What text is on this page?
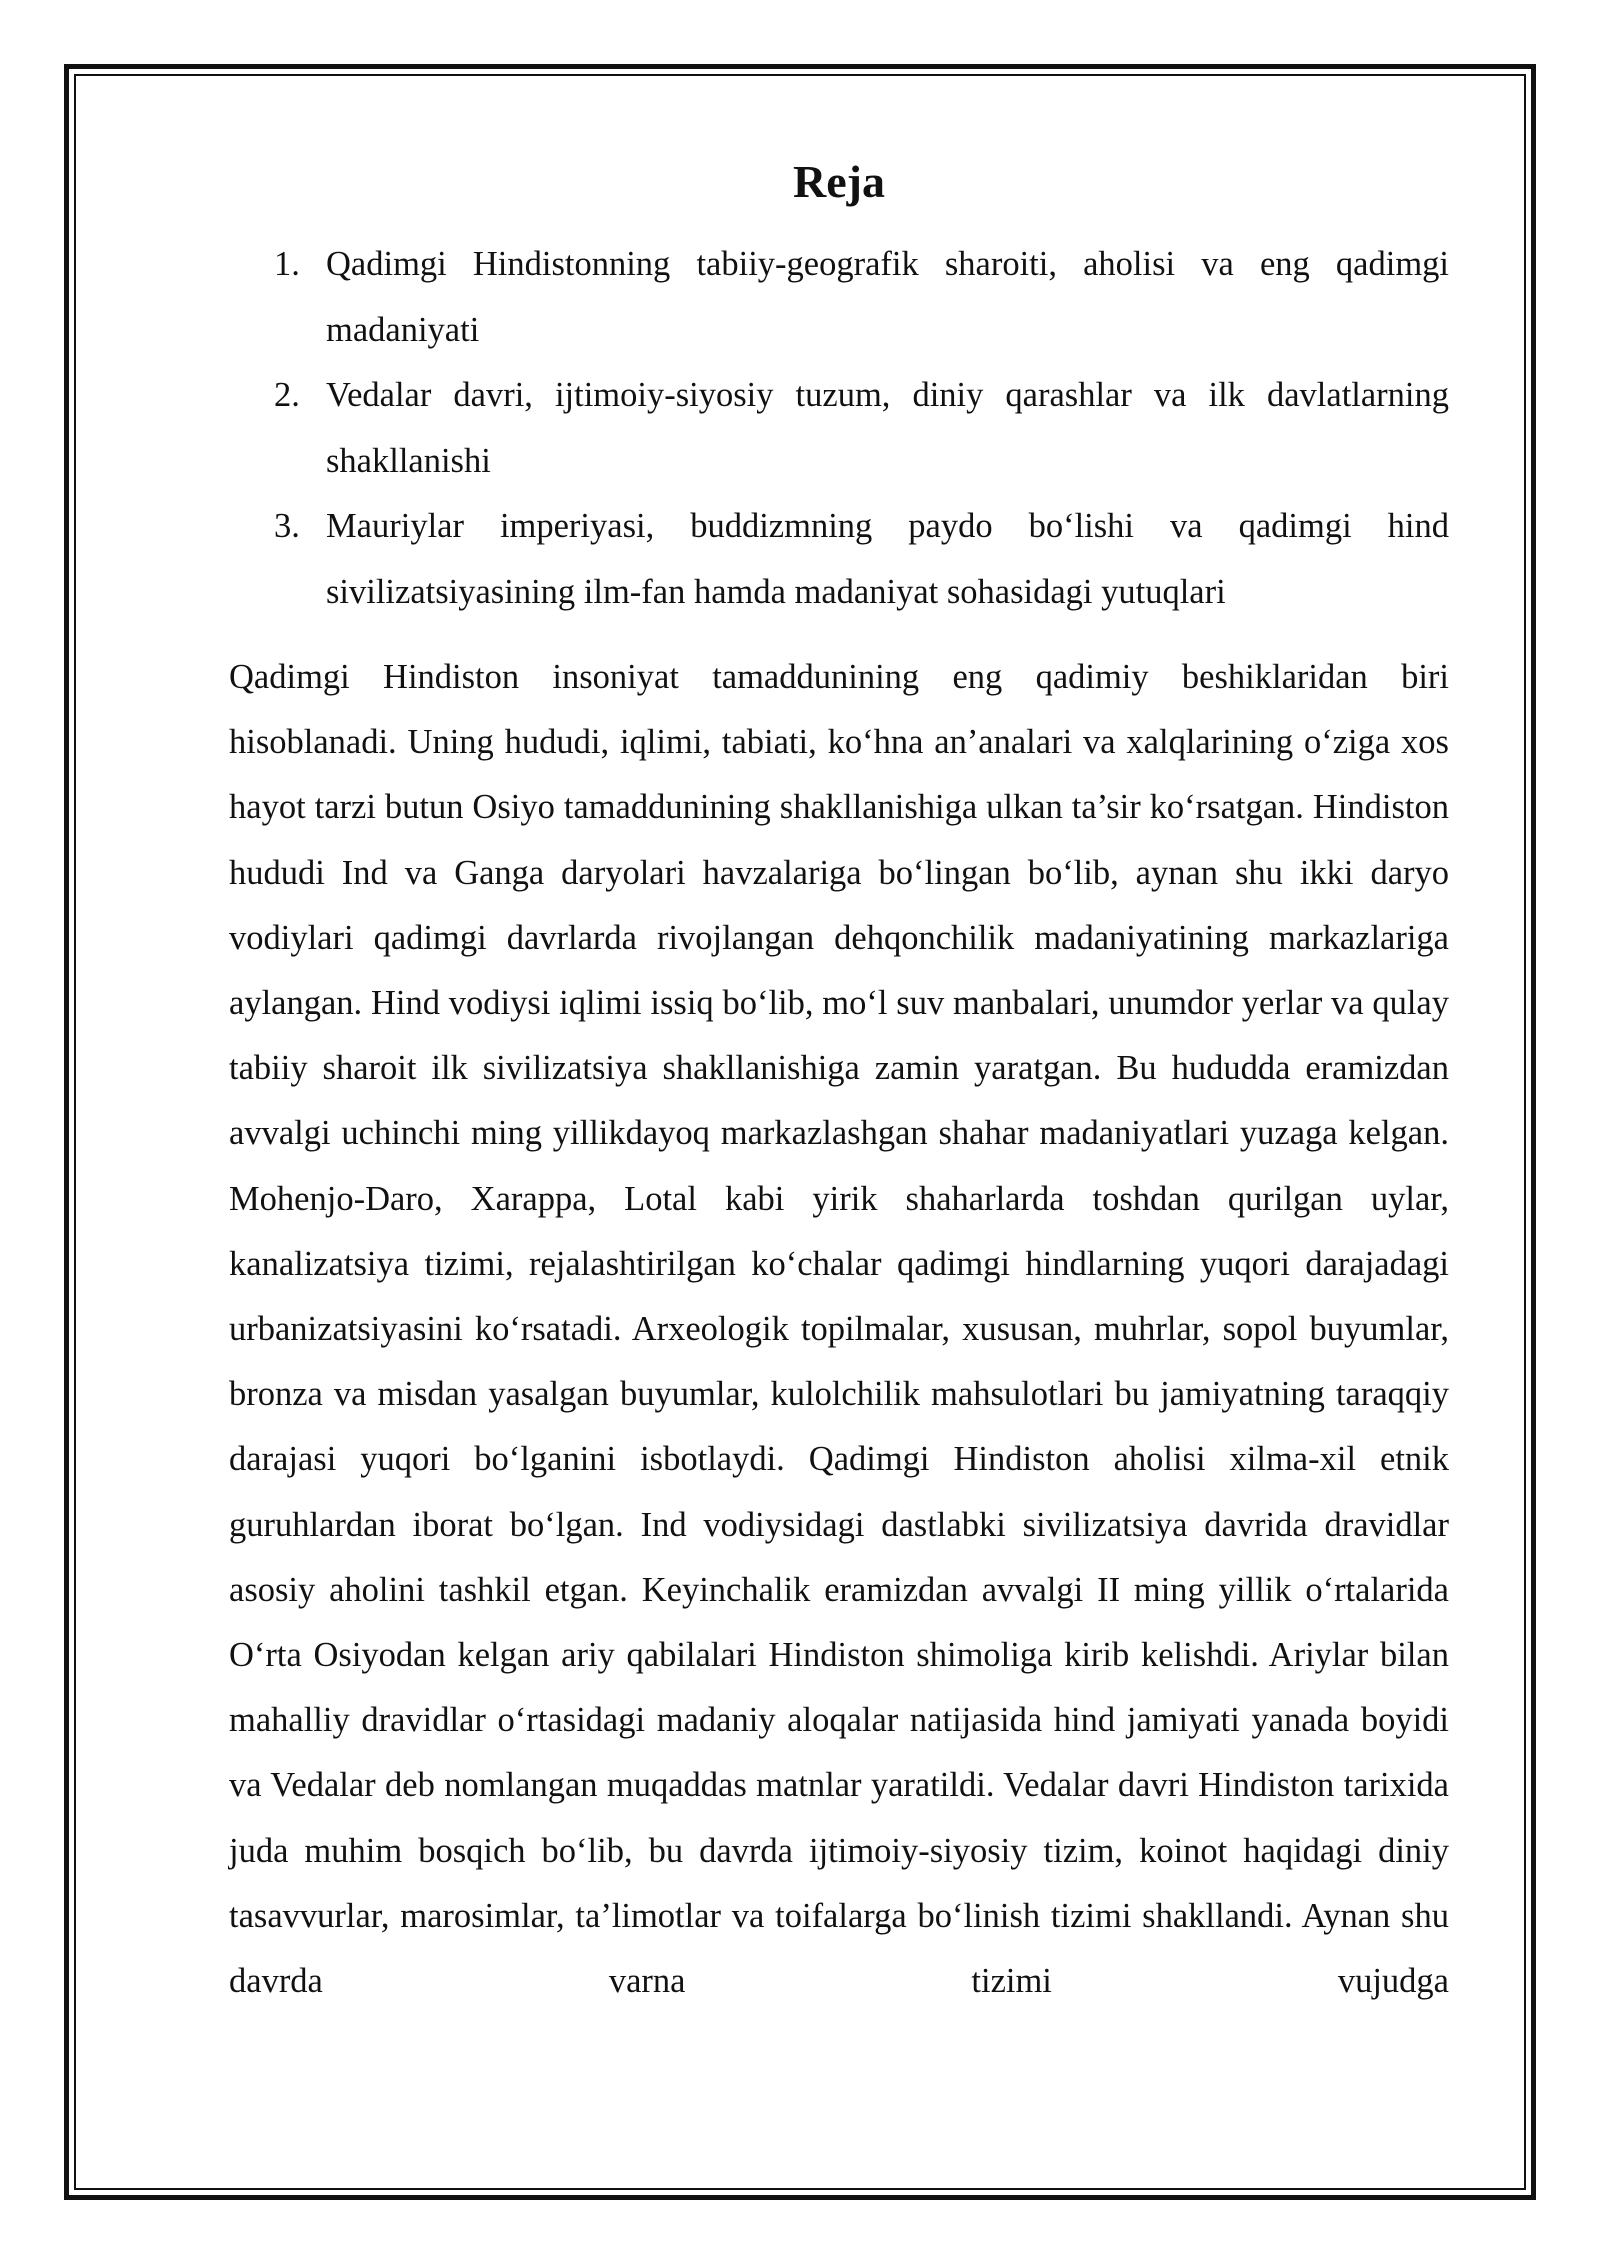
Reja
1. Qadimgi Hindistonning tabiiy-geografik sharoiti, aholisi va eng qadimgi madaniyati
2. Vedalar davri, ijtimoiy-siyosiy tuzum, diniy qarashlar va ilk davlatlarning shakllanishi
3. Mauriylar imperiyasi, buddizmning paydo bo‘lishi va qadimgi hind sivilizatsiyasining ilm-fan hamda madaniyat sohasidagi yutuqlari

Qadimgi Hindiston insoniyat tamaddunining eng qadimiy beshiklaridan biri hisoblanadi. Uning hududi, iqlimi, tabiati, ko‘hna an’analari va xalqlarining o‘ziga xos hayot tarzi butun Osiyo tamaddunining shakllanishiga ulkan ta’sir ko‘rsatgan. Hindiston hududi Ind va Ganga daryolari havzalariga bo‘lingan bo‘lib, aynan shu ikki daryo vodiylari qadimgi davrlarda rivojlangan dehqonchilik madaniyatining markazlariga aylangan. Hind vodiysi iqlimi issiq bo‘lib, mo‘l suv manbalari, unumdor yerlar va qulay tabiiy sharoit ilk sivilizatsiya shakllanishiga zamin yaratgan. Bu hududda eramizdan avvalgi uchinchi ming yillikdayoq markazlashgan shahar madaniyatlari yuzaga kelgan. Mohenjo-Daro, Xarappa, Lotal kabi yirik shaharlarda toshdan qurilgan uylar, kanalizatsiya tizimi, rejalashtirilgan ko‘chalar qadimgi hindlarning yuqori darajadagi urbanizatsiyasini ko‘rsatadi. Arxeologik topilmalar, xususan, muhrlar, sopol buyumlar, bronza va misdan yasalgan buyumlar, kulolchilik mahsulotlari bu jamiyatning taraqqiy darajasi yuqori bo‘lganini isbotlaydi. Qadimgi Hindiston aholisi xilma-xil etnik guruhlardan iborat bo‘lgan. Ind vodiysidagi dastlabki sivilizatsiya davrida dravidlar asosiy aholini tashkil etgan. Keyinchalik eramizdan avvalgi II ming yillik o‘rtalarida O‘rta Osiyodan kelgan ariy qabilalari Hindiston shimoliga kirib kelishdi. Ariylar bilan mahalliy dravidlar o‘rtasidagi madaniy aloqalar natijasida hind jamiyati yanada boyidi va Vedalar deb nomlangan muqaddas matnlar yaratildi. Vedalar davri Hindiston tarixida juda muhim bosqich bo‘lib, bu davrda ijtimoiy-siyosiy tizim, koinot haqidagi diniy tasavvurlar, marosimlar, ta’limotlar va toifalarga bo‘linish tizimi shakllandi. Aynan shu davrda varna tizimi vujudga
